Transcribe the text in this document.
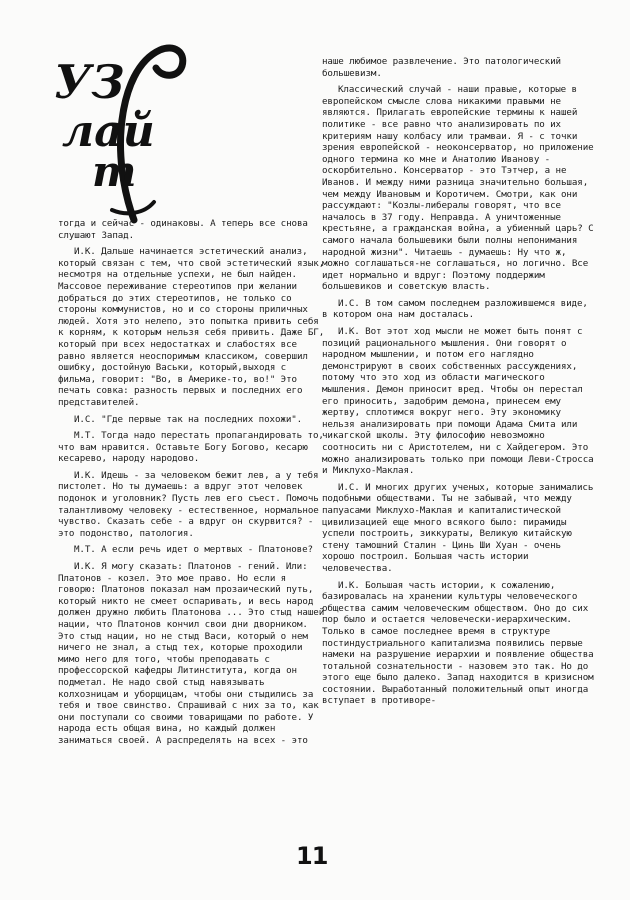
УЗ
лай
т

тогда и сейчас - одинаковы. А теперь все снова слушают Запад.

И.К. Дальше начинается эстетический анализ, который связан с тем, что свой эстетический язык, несмотря на отдельные успехи, не был найден. Массовое переживание стереотипов при желании добраться до этих стереотипов, не только со стороны коммунистов, но и со стороны приличных людей. Хотя это нелепо, это попытка привить себя к корням, к которым нельзя себя привить. Даже БГ, который при всех недостатках и слабостях все равно является неоспоримым классиком, совершил ошибку, достойную Васьки, который,выходя с фильма, говорит: "Во, в Америке-то, во!" Это печать совка: разность первых и последних его представителей.

И.С. "Где первые так на последних похожи".

М.Т. Тогда надо перестать пропагандировать то, что вам нравится. Оставьте Богу Богово, кесарю кесарево, народу народово.

И.К. Идешь - за человеком бежит лев, а у тебя пистолет. Но ты думаешь: а вдруг этот человек подонок и уголовник? Пусть лев его съест. Помочь талантливому человеку - естественное, нормальное чувство. Сказать себе - а вдруг он скурвится? - это подонство, патология.

М.Т. А если речь идет о мертвых - Платонове?

И.К. Я могу сказать: Платонов - гений. Или: Платонов - козел. Это мое право. Но если я говорю: Платонов показал нам прозаический путь, который никто не смеет оспаривать, и весь народ должен дружно любить Платонова ... Это стыд нашей нации, что Платонов кончил свои дни дворником. Это стыд нации, но не стыд Васи, который о нем ничего не знал, а стыд тех, которые проходили мимо него для того, чтобы преподавать с профессорской кафедры Литинститута, когда он подметал. Не надо свой стыд навязывать колхозницам и уборщицам, чтобы они стыдились за тебя и твое свинство. Спрашивай с них за то, как они поступали со своими товарищами по работе. У народа есть общая вина, но каждый должен заниматься своей. А распределять на всех - это

наше любимое развлечение. Это патологический большевизм.

Классический случай - наши правые, которые в европейском смысле слова никакими правыми не являются. Прилагать европейские термины к нашей политике - все равно что анализировать по их критериям нашу колбасу или трамваи. Я - с точки зрения европейской - неоконсерватор, но приложение одного термина ко мне и Анатолию Иванову - оскорбительно. Консерватор - это Тэтчер, а не Иванов. И между ними разница значительно большая, чем между Ивановым и Коротичем. Смотри, как они рассуждают: "Козлы-либералы говорят, что все началось в 37 году. Неправда. А уничтоженные крестьяне, а гражданская война, а убиенный царь? С самого начала большевики были полны непонимания народной жизни". Читаешь - думаешь: Ну что ж, можно соглашаться-не соглашаться, но логично. Все идет нормально и вдруг: Поэтому поддержим большевиков и советскую власть.

И.С. В том самом последнем разложившемся виде, в котором она нам досталась.

И.К. Вот этот ход мысли не может быть понят с позиций рационального мышления. Они говорят о народном мышлении, и потом его наглядно демонстрируют в своих собственных рассуждениях, потому что это ход из области магического мышления. Демон приносит вред. Чтобы он перестал его приносить, задобрим демона, принесем ему жертву, сплотимся вокруг него. Эту экономику нельзя анализировать при помощи Адама Смита или чикагской школы. Эту философию невозможно соотносить ни с Аристотелем, ни с Хайдегером. Это можно анализировать только при помощи Леви-Стросса и Миклухо-Маклая.

И.С. И многих других ученых, которые занимались подобными обществами. Ты не забывай, что между папуасами Миклухо-Маклая и капиталистической цивилизацией еще много всякого было: пирамиды успели построить, зиккураты, Великую китайскую стену тамошний Сталин - Цинь Ши Хуан - очень хорошо построил. Большая часть истории человечества.

И.К. Большая часть истории, к сожалению, базировалась на хранении культуры человеческого общества самим человеческим обществом. Оно до сих пор было и остается человечески-иерархическим. Только в самое последнее время в структуре постиндустриального капитализма появились первые намеки на разрушение иерархии и появление общества тотальной сознательности - назовем это так. Но до этого еще было далеко. Запад находится в кризисном состоянии. Выработанный положительный опыт иногда вступает в противоре-

11
